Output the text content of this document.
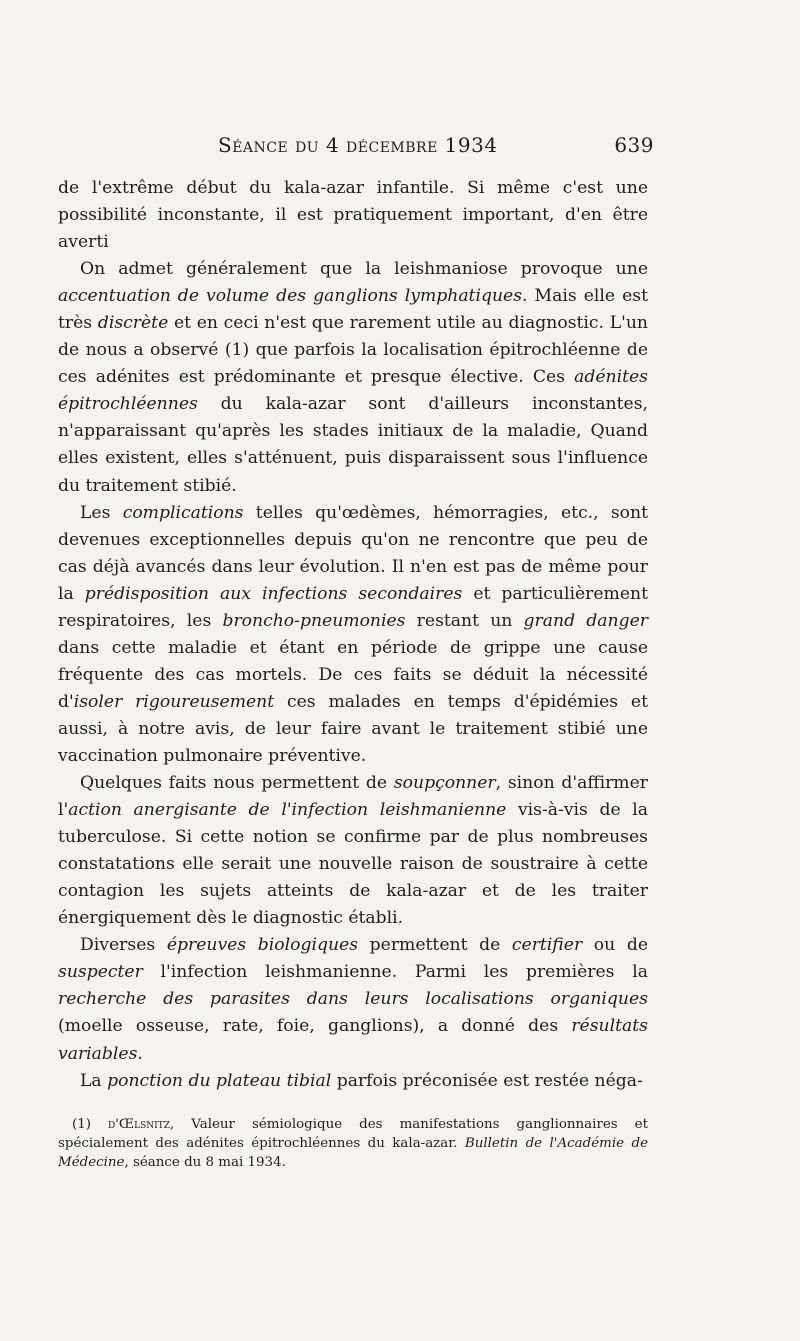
Séance du 4 décembre 1934	639

de l'extrême début du kala-azar infantile. Si même c'est une possibilité inconstante, il est pratiquement important, d'en être averti

On admet généralement que la leishmaniose provoque une accentuation de volume des ganglions lymphatiques. Mais elle est très discrète et en ceci n'est que rarement utile au diagnostic. L'un de nous a observé (1) que parfois la localisation épitrochléenne de ces adénites est prédominante et presque élective. Ces adénites épitrochléennes du kala-azar sont d'ailleurs inconstantes, n'apparaissant qu'après les stades initiaux de la maladie, Quand elles existent, elles s'atténuent, puis disparaissent sous l'influence du traitement stibié.

Les complications telles qu'œdèmes, hémorragies, etc., sont devenues exceptionnelles depuis qu'on ne rencontre que peu de cas déjà avancés dans leur évolution. Il n'en est pas de même pour la prédisposition aux infections secondaires et particulièrement respiratoires, les broncho-pneumonies restant un grand danger dans cette maladie et étant en période de grippe une cause fréquente des cas mortels. De ces faits se déduit la nécessité d'isoler rigoureusement ces malades en temps d'épidémies et aussi, à notre avis, de leur faire avant le traitement stibié une vaccination pulmonaire préventive.

Quelques faits nous permettent de soupçonner, sinon d'affirmer l'action anergisante de l'infection leishmanienne vis-à-vis de la tuberculose. Si cette notion se confirme par de plus nombreuses constatations elle serait une nouvelle raison de soustraire à cette contagion les sujets atteints de kala-azar et de les traiter énergiquement dès le diagnostic établi.

Diverses épreuves biologiques permettent de certifier ou de suspecter l'infection leishmanienne. Parmi les premières la recherche des parasites dans leurs localisations organiques (moelle osseuse, rate, foie, ganglions), a donné des résultats variables.

La ponction du plateau tibial parfois préconisée est restée néga-

(1) d'Œlsnitz, Valeur sémiologique des manifestations ganglionnaires et spécialement des adénites épitrochléennes du kala-azar. Bulletin de l'Académie de Médecine, séance du 8 mai 1934.
